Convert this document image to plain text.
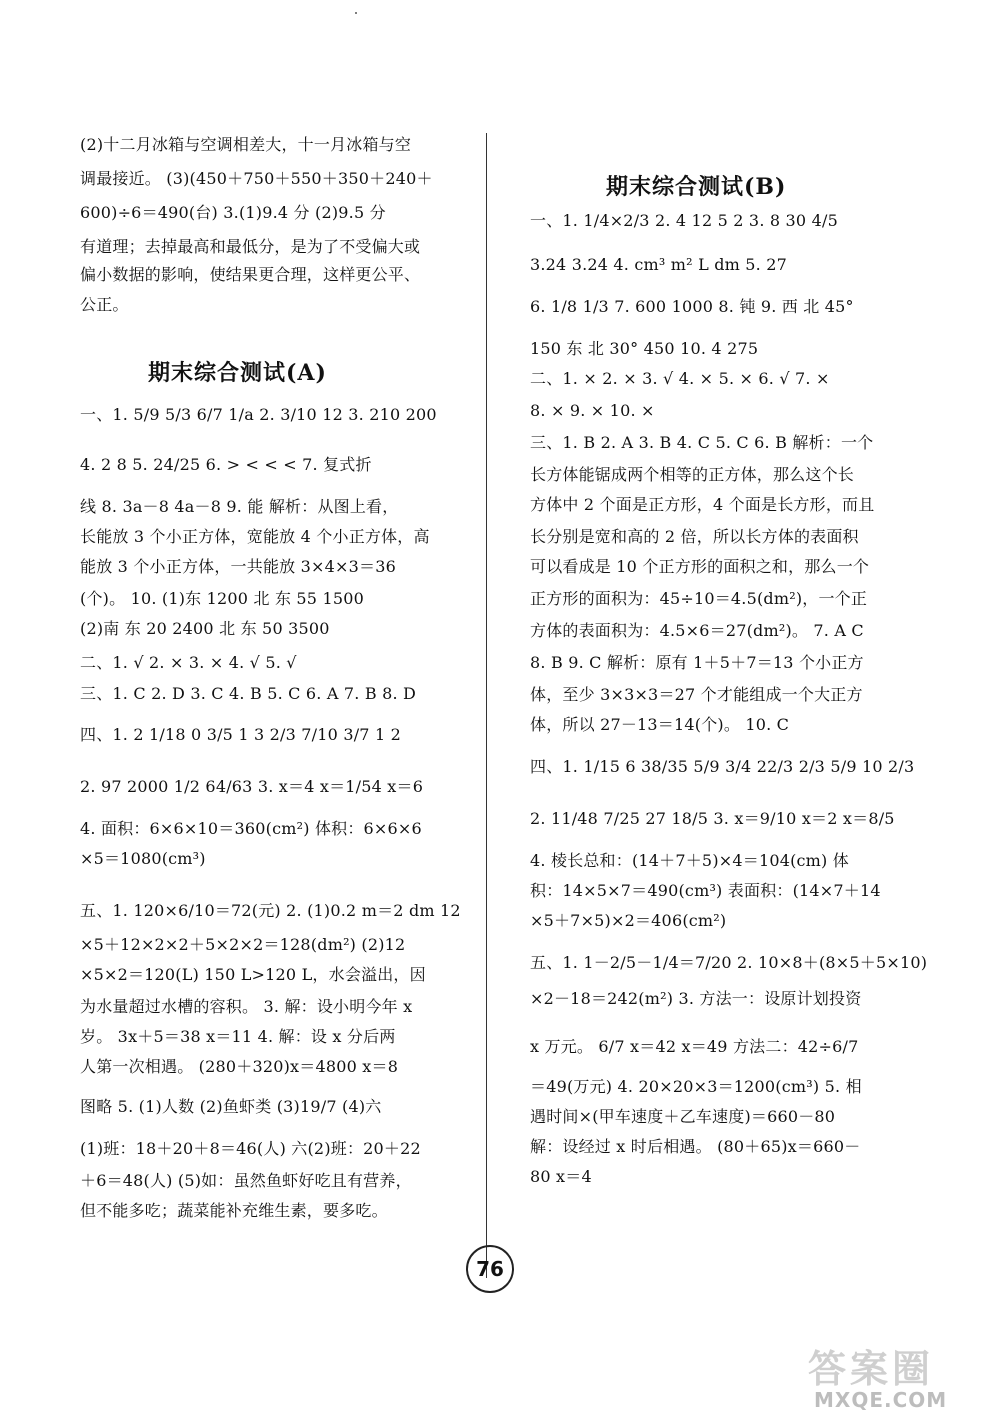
(2)十二月冰箱与空调相差大，十一月冰箱与空
调最接近。 (3)(450＋750＋550＋350＋240＋
600)÷6＝490(台) 3.(1)9.4 分 (2)9.5 分
有道理；去掉最高和最低分，是为了不受偏大或
偏小数据的影响，使结果更合理，这样更公平、
公正。
期末综合测试(A)
一、1. 5/9 5/3 6/7 1/a 2. 3/10 12 3. 210 200
4. 2 8 5. 24/25 6. > < < < 7. 复式折
线 8. 3a－8 4a－8 9. 能 解析：从图上看，
长能放 3 个小正方体，宽能放 4 个小正方体，高
能放 3 个小正方体，一共能放 3×4×3＝36
(个)。 10. (1)东 1200 北 东 55 1500
(2)南 东 20 2400 北 东 50 3500
二、1. √ 2. × 3. × 4. √ 5. √
三、1. C 2. D 3. C 4. B 5. C 6. A 7. B 8. D
四、1. 2 1/18 0 3/5 1 3 2/3 7/10 3/7 1 2
2. 97 2000 1/2 64/63 3. x＝4 x＝1/54 x＝6
4. 面积：6×6×10＝360(cm²) 体积：6×6×6
×5＝1080(cm³)
五、1. 120×6/10＝72(元) 2. (1)0.2 m＝2 dm 12
×5＋12×2×2＋5×2×2＝128(dm²) (2)12
×5×2＝120(L) 150 L>120 L，水会溢出，因
为水量超过水槽的容积。 3. 解：设小明今年 x
岁。 3x＋5＝38 x＝11 4. 解：设 x 分后两
人第一次相遇。 (280＋320)x＝4800 x＝8
图略 5. (1)人数 (2)鱼虾类 (3)19/7 (4)六
(1)班：18＋20＋8＝46(人) 六(2)班：20＋22
＋6＝48(人) (5)如：虽然鱼虾好吃且有营养，
但不能多吃；蔬菜能补充维生素，要多吃。
期末综合测试(B)
一、1. 1/4×2/3 2. 4 12 5 2 3. 8 30 4/5
3.24 3.24 4. cm³ m² L dm 5. 27
6. 1/8 1/3 7. 600 1000 8. 钝 9. 西 北 45°
150 东 北 30° 450 10. 4 275
二、1. × 2. × 3. √ 4. × 5. × 6. √ 7. ×
8. × 9. × 10. ×
三、1. B 2. A 3. B 4. C 5. C 6. B 解析：一个
长方体能锯成两个相等的正方体，那么这个长
方体中 2 个面是正方形，4 个面是长方形，而且
长分别是宽和高的 2 倍，所以长方体的表面积
可以看成是 10 个正方形的面积之和，那么一个
正方形的面积为：45÷10＝4.5(dm²)，一个正
方体的表面积为：4.5×6＝27(dm²)。 7. A C
8. B 9. C 解析：原有 1＋5＋7＝13 个小正方
体，至少 3×3×3＝27 个才能组成一个大正方
体，所以 27－13＝14(个)。 10. C
四、1. 1/15 6 38/35 5/9 3/4 22/3 2/3 5/9 10 2/3
2. 11/48 7/25 27 18/5 3. x＝9/10 x＝2 x＝8/5
4. 棱长总和：(14＋7＋5)×4＝104(cm) 体
积：14×5×7＝490(cm³) 表面积：(14×7＋14
×5＋7×5)×2＝406(cm²)
五、1. 1－2/5－1/4＝7/20 2. 10×8＋(8×5＋5×10)
×2－18＝242(m²) 3. 方法一：设原计划投资
x 万元。 6/7 x＝42 x＝49 方法二：42÷6/7
＝49(万元) 4. 20×20×3＝1200(cm³) 5. 相
遇时间×(甲车速度＋乙车速度)＝660－80
解：设经过 x 时后相遇。 (80＋65)x＝660－
80 x＝4
76
答案圈
MXQE.COM
